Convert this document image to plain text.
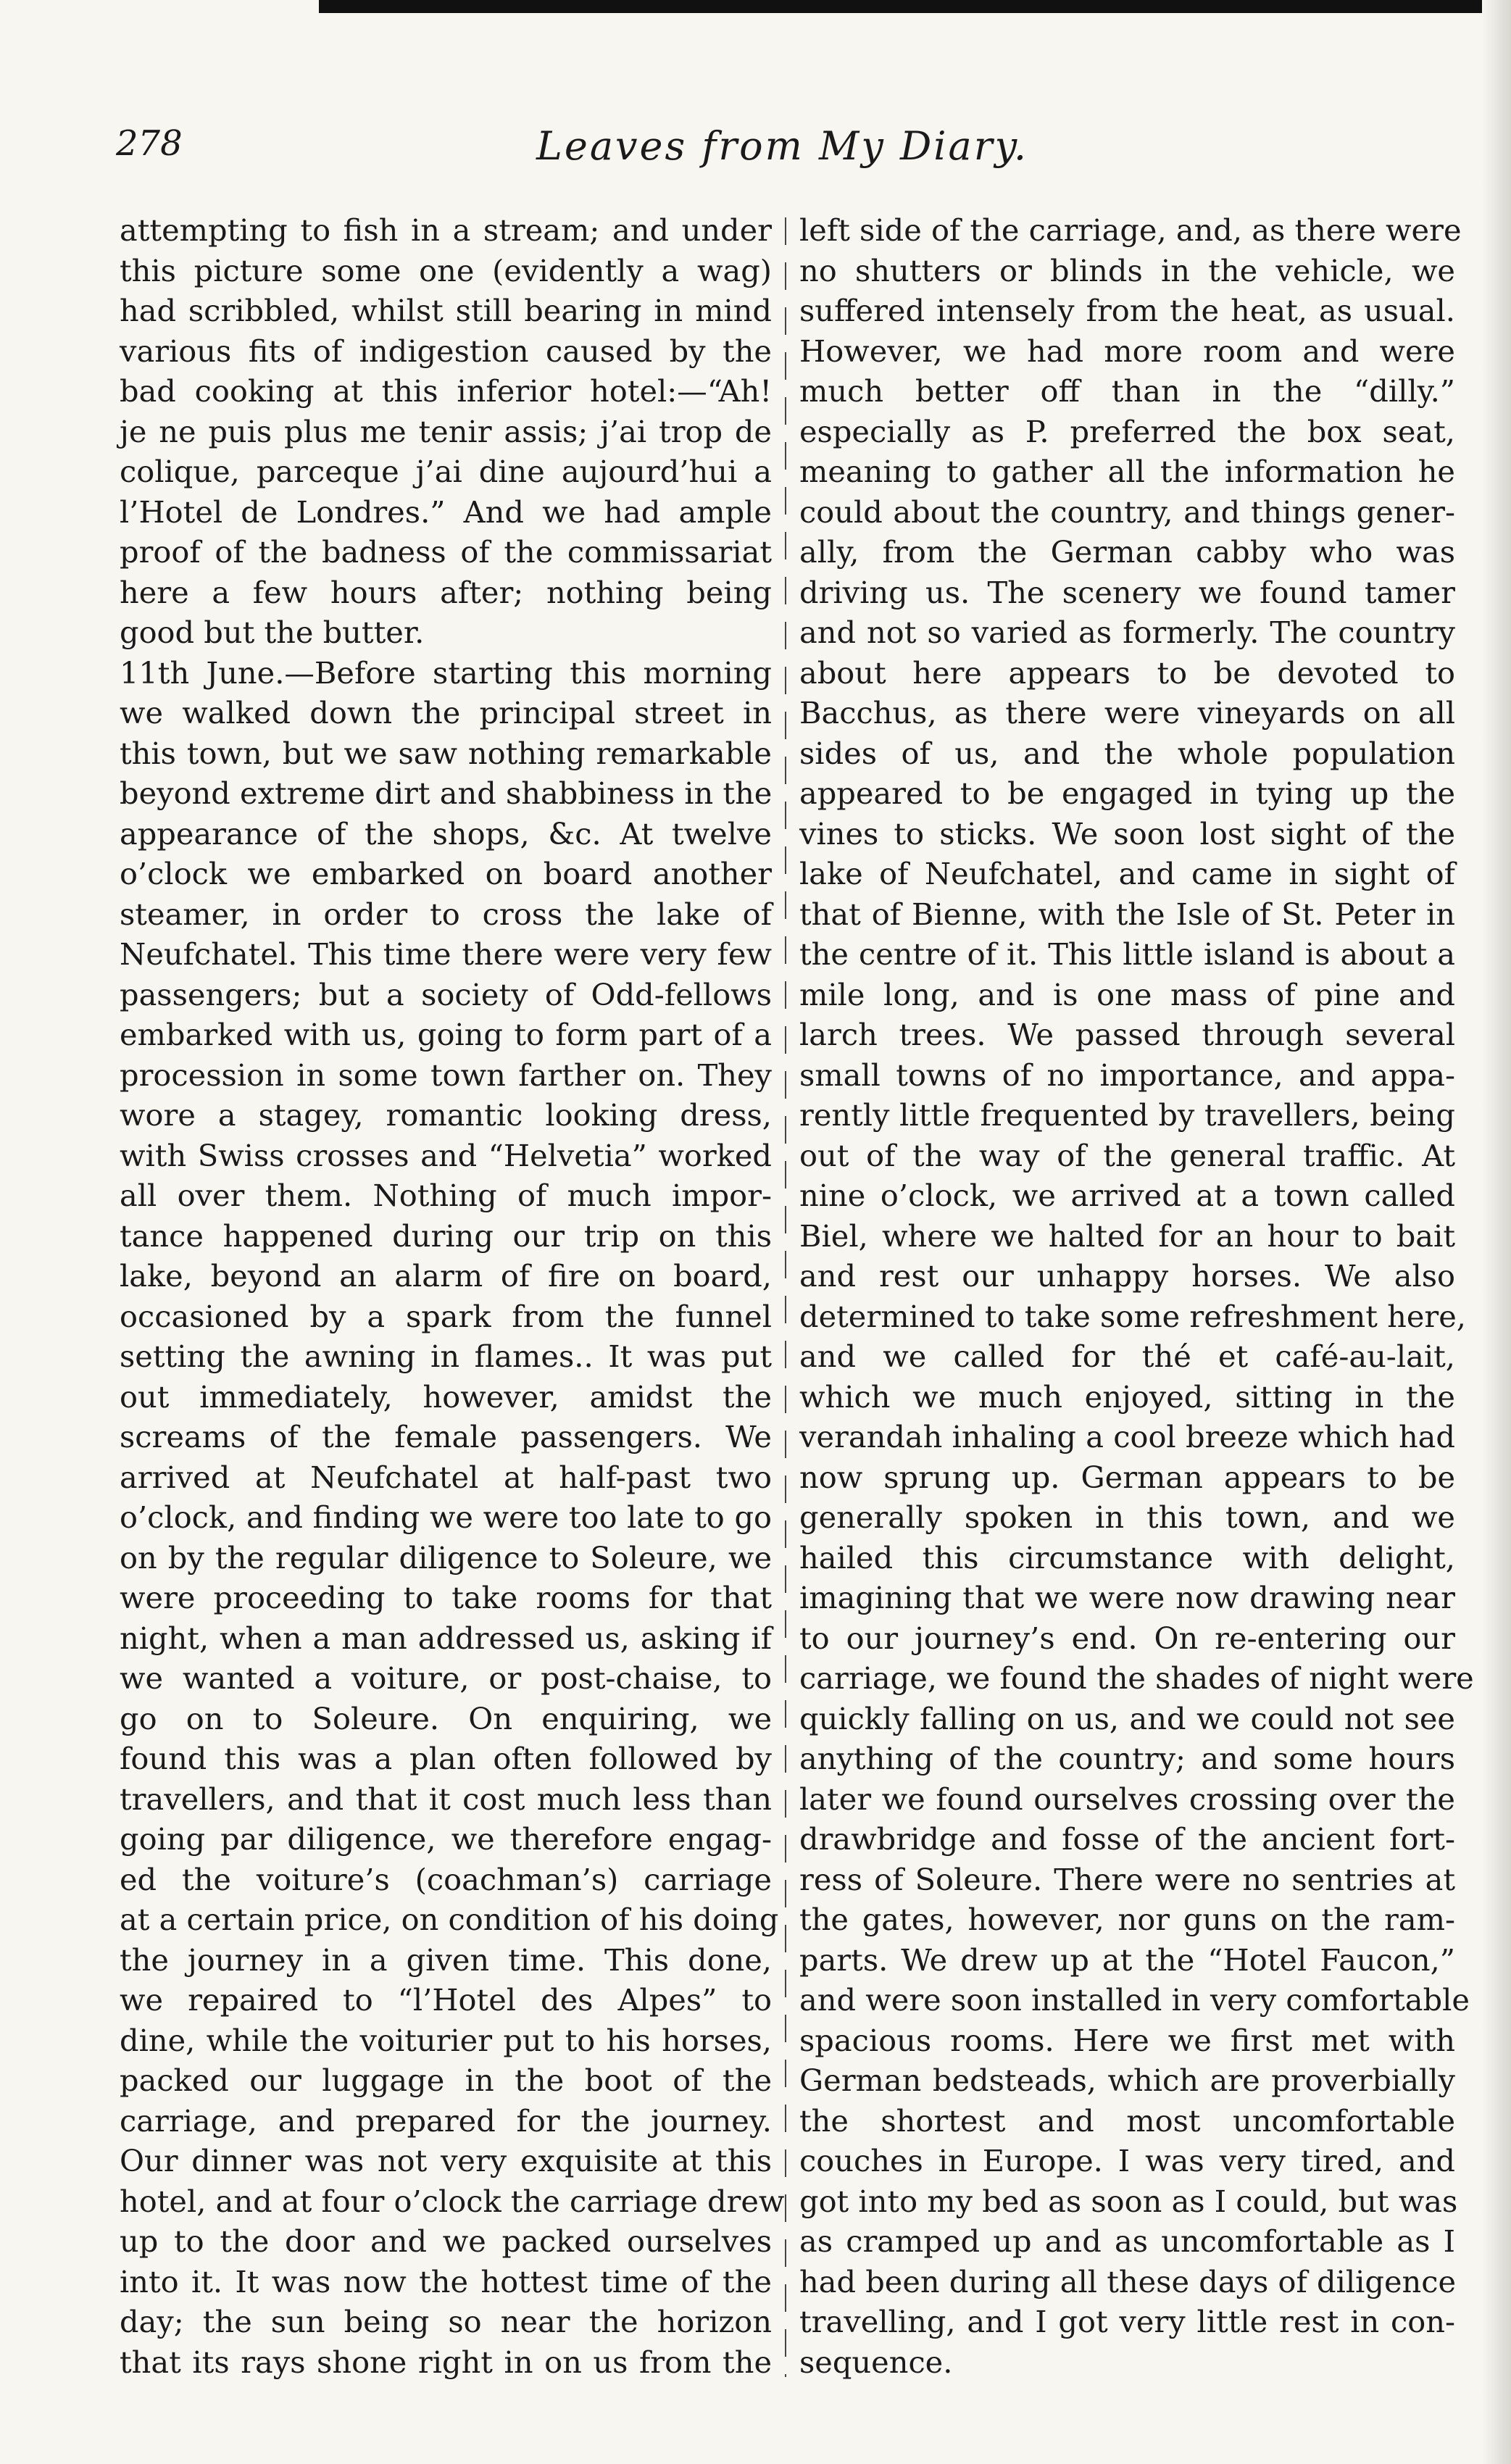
278	Leaves from My Diary.
attempting to fish in a stream; and under
this picture some one (evidently a wag)
had scribbled, whilst still bearing in mind
various fits of indigestion caused by the
bad cooking at this inferior hotel:—“Ah!
je ne puis plus me tenir assis; j’ai trop de
colique, parceque j’ai dine aujourd’hui a
l’Hotel de Londres.” And we had ample
proof of the badness of the commissariat
here a few hours after; nothing being
good but the butter.
11th June.—Before starting this morning
we walked down the principal street in
this town, but we saw nothing remarkable
beyond extreme dirt and shabbiness in the
appearance of the shops, &c. At twelve
o’clock we embarked on board another
steamer, in order to cross the lake of
Neufchatel. This time there were very few
passengers; but a society of Odd-fellows
embarked with us, going to form part of a
procession in some town farther on. They
wore a stagey, romantic looking dress,
with Swiss crosses and “Helvetia” worked
all over them. Nothing of much impor-
tance happened during our trip on this
lake, beyond an alarm of fire on board,
occasioned by a spark from the funnel
setting the awning in flames.. It was put
out immediately, however, amidst the
screams of the female passengers. We
arrived at Neufchatel at half-past two
o’clock, and finding we were too late to go
on by the regular diligence to Soleure, we
were proceeding to take rooms for that
night, when a man addressed us, asking if
we wanted a voiture, or post-chaise, to
go on to Soleure. On enquiring, we
found this was a plan often followed by
travellers, and that it cost much less than
going par diligence, we therefore engag-
ed the voiture’s (coachman’s) carriage
at a certain price, on condition of his doing
the journey in a given time. This done,
we repaired to “l’Hotel des Alpes” to
dine, while the voiturier put to his horses,
packed our luggage in the boot of the
carriage, and prepared for the journey.
Our dinner was not very exquisite at this
hotel, and at four o’clock the carriage drew
up to the door and we packed ourselves
into it. It was now the hottest time of the
day; the sun being so near the horizon
that its rays shone right in on us from the
left side of the carriage, and, as there were
no shutters or blinds in the vehicle, we
suffered intensely from the heat, as usual.
However, we had more room and were
much better off than in the “dilly.”
especially as P. preferred the box seat,
meaning to gather all the information he
could about the country, and things gener-
ally, from the German cabby who was
driving us. The scenery we found tamer
and not so varied as formerly. The country
about here appears to be devoted to
Bacchus, as there were vineyards on all
sides of us, and the whole population
appeared to be engaged in tying up the
vines to sticks. We soon lost sight of the
lake of Neufchatel, and came in sight of
that of Bienne, with the Isle of St. Peter in
the centre of it. This little island is about a
mile long, and is one mass of pine and
larch trees. We passed through several
small towns of no importance, and appa-
rently little frequented by travellers, being
out of the way of the general traffic. At
nine o’clock, we arrived at a town called
Biel, where we halted for an hour to bait
and rest our unhappy horses. We also
determined to take some refreshment here,
and we called for thé et café-au-lait,
which we much enjoyed, sitting in the
verandah inhaling a cool breeze which had
now sprung up. German appears to be
generally spoken in this town, and we
hailed this circumstance with delight,
imagining that we were now drawing near
to our journey’s end. On re-entering our
carriage, we found the shades of night were
quickly falling on us, and we could not see
anything of the country; and some hours
later we found ourselves crossing over the
drawbridge and fosse of the ancient fort-
ress of Soleure. There were no sentries at
the gates, however, nor guns on the ram-
parts. We drew up at the “Hotel Faucon,”
and were soon installed in very comfortable
spacious rooms. Here we first met with
German bedsteads, which are proverbially
the shortest and most uncomfortable
couches in Europe. I was very tired, and
got into my bed as soon as I could, but was
as cramped up and as uncomfortable as I
had been during all these days of diligence
travelling, and I got very little rest in con-
sequence.
